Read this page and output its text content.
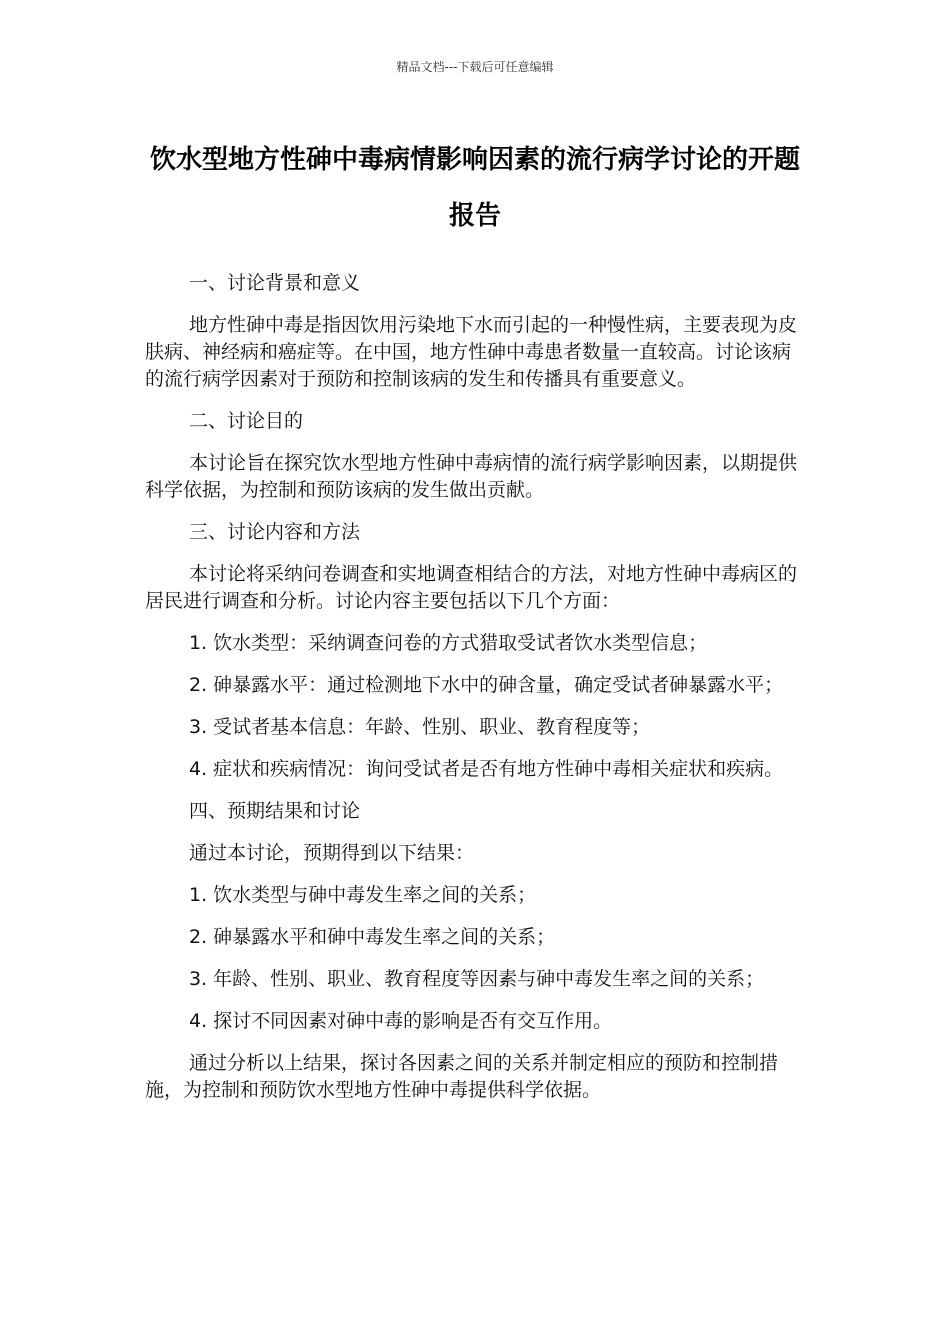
精品文档---下载后可任意编辑
饮水型地方性砷中毒病情影响因素的流行病学讨论的开题报告

一、讨论背景和意义

地方性砷中毒是指因饮用污染地下水而引起的一种慢性病，主要表现为皮肤病、神经病和癌症等。在中国，地方性砷中毒患者数量一直较高。讨论该病的流行病学因素对于预防和控制该病的发生和传播具有重要意义。

二、讨论目的

本讨论旨在探究饮水型地方性砷中毒病情的流行病学影响因素，以期提供科学依据，为控制和预防该病的发生做出贡献。

三、讨论内容和方法

本讨论将采纳问卷调查和实地调查相结合的方法，对地方性砷中毒病区的居民进行调查和分析。讨论内容主要包括以下几个方面：

1. 饮水类型：采纳调查问卷的方式猎取受试者饮水类型信息；

2. 砷暴露水平：通过检测地下水中的砷含量，确定受试者砷暴露水平；

3. 受试者基本信息：年龄、性别、职业、教育程度等；

4. 症状和疾病情况：询问受试者是否有地方性砷中毒相关症状和疾病。

四、预期结果和讨论

通过本讨论，预期得到以下结果：

1. 饮水类型与砷中毒发生率之间的关系；

2. 砷暴露水平和砷中毒发生率之间的关系；

3. 年龄、性别、职业、教育程度等因素与砷中毒发生率之间的关系；

4. 探讨不同因素对砷中毒的影响是否有交互作用。

通过分析以上结果，探讨各因素之间的关系并制定相应的预防和控制措施，为控制和预防饮水型地方性砷中毒提供科学依据。
